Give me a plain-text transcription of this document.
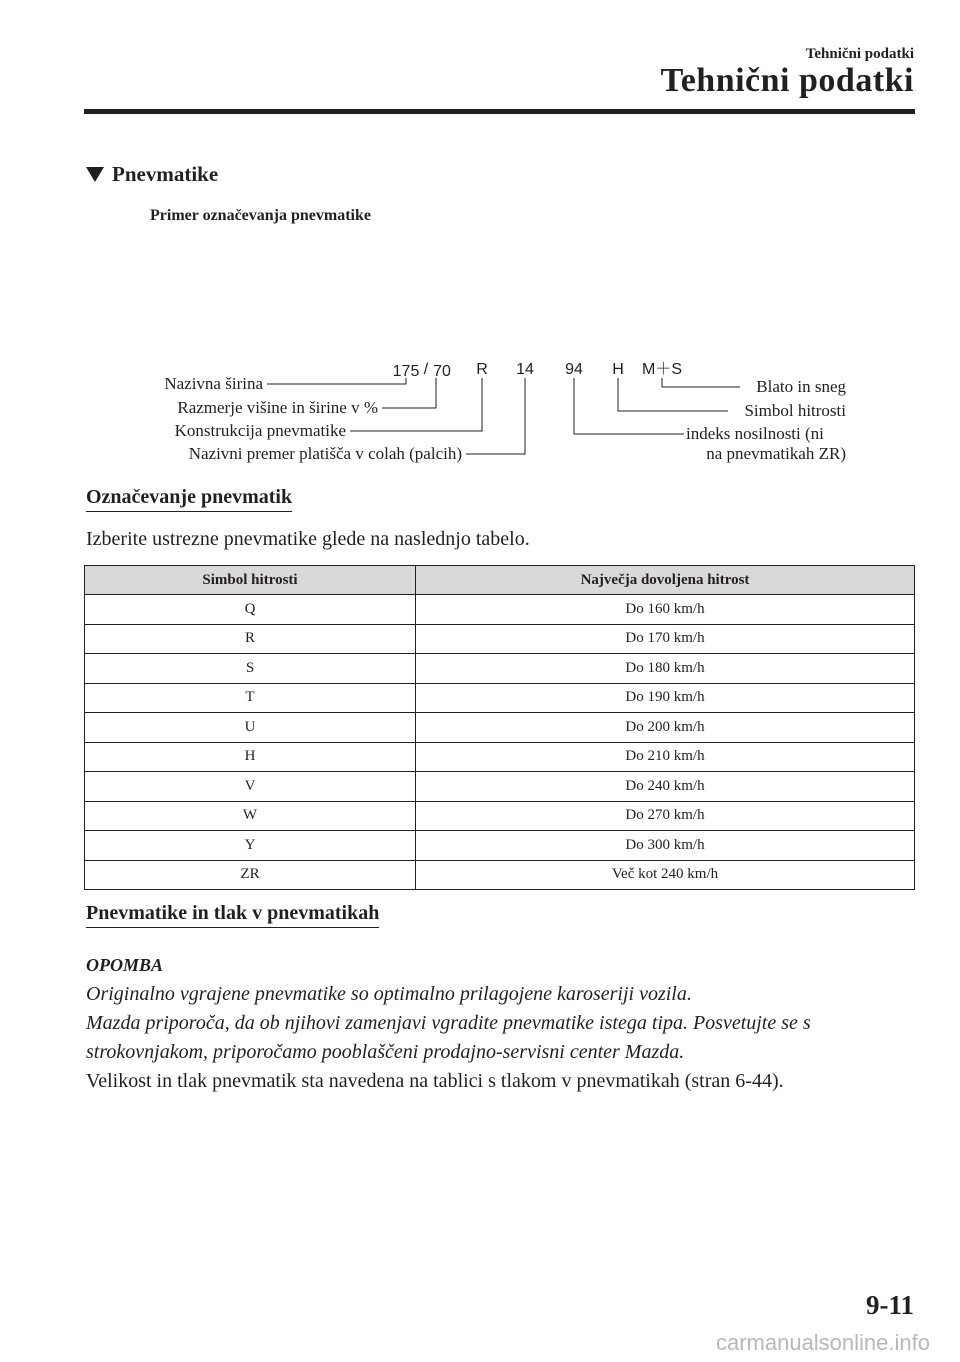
Tehnični podatki
Tehnični podatki
Pnevmatike
Primer označevanja pnevmatike
175 / 70 R 14 94 H M＋S
Nazivna širina
Razmerje višine in širine v %
Konstrukcija pnevmatike
Nazivni premer platišča v colah (palcih)
Blato in sneg
Simbol hitrosti
indeks nosilnosti (ni
na pnevmatikah ZR)
Označevanje pnevmatik
Izberite ustrezne pnevmatike glede na naslednjo tabelo.
Simbol hitrosti	Največja dovoljena hitrost
Q	Do 160 km/h
R	Do 170 km/h
S	Do 180 km/h
T	Do 190 km/h
U	Do 200 km/h
H	Do 210 km/h
V	Do 240 km/h
W	Do 270 km/h
Y	Do 300 km/h
ZR	Več kot 240 km/h
Pnevmatike in tlak v pnevmatikah
OPOMBA
Originalno vgrajene pnevmatike so optimalno prilagojene karoseriji vozila.
Mazda priporoča, da ob njihovi zamenjavi vgradite pnevmatike istega tipa. Posvetujte se s strokovnjakom, priporočamo pooblaščeni prodajno-servisni center Mazda.
Velikost in tlak pnevmatik sta navedena na tablici s tlakom v pnevmatikah (stran 6-44).
9-11
carmanualsonline.info
